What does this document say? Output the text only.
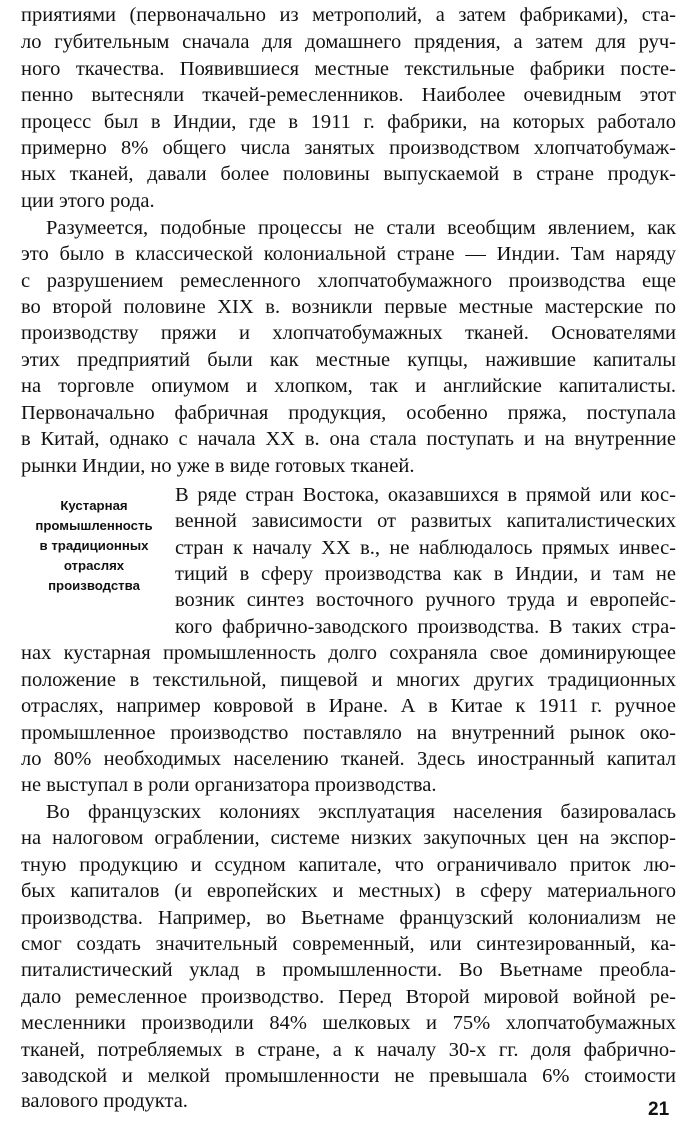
приятиями (первоначально из метрополий, а затем фабриками), ста-
ло губительным сначала для домашнего прядения, а затем для руч-
ного ткачества. Появившиеся местные текстильные фабрики посте-
пенно вытесняли ткачей-ремесленников. Наиболее очевидным этот
процесс был в Индии, где в 1911 г. фабрики, на которых работало
примерно 8% общего числа занятых производством хлопчатобумаж-
ных тканей, давали более половины выпускаемой в стране продук-
ции этого рода.
Разумеется, подобные процессы не стали всеобщим явлением, как
это было в классической колониальной стране — Индии. Там наряду
с разрушением ремесленного хлопчатобумажного производства еще
во второй половине XIX в. возникли первые местные мастерские по
производству пряжи и хлопчатобумажных тканей. Основателями
этих предприятий были как местные купцы, нажившие капиталы
на торговле опиумом и хлопком, так и английские капиталисты.
Первоначально фабричная продукция, особенно пряжа, поступала
в Китай, однако с начала XX в. она стала поступать и на внутренние
рынки Индии, но уже в виде готовых тканей.
Кустарная
промышленность
в традиционных
отраслях
производства
В ряде стран Востока, оказавшихся в прямой или кос-
венной зависимости от развитых капиталистических
стран к началу XX в., не наблюдалось прямых инвес-
тиций в сферу производства как в Индии, и там не
возник синтез восточного ручного труда и европейс-
кого фабрично-заводского производства. В таких стра-
нах кустарная промышленность долго сохраняла свое доминирующее
положение в текстильной, пищевой и многих других традиционных
отраслях, например ковровой в Иране. А в Китае к 1911 г. ручное
промышленное производство поставляло на внутренний рынок око-
ло 80% необходимых населению тканей. Здесь иностранный капитал
не выступал в роли организатора производства.
Во французских колониях эксплуатация населения базировалась
на налоговом ограблении, системе низких закупочных цен на экспор-
тную продукцию и ссудном капитале, что ограничивало приток лю-
бых капиталов (и европейских и местных) в сферу материального
производства. Например, во Вьетнаме французский колониализм не
смог создать значительный современный, или синтезированный, ка-
питалистический уклад в промышленности. Во Вьетнаме преобла-
дало ремесленное производство. Перед Второй мировой войной ре-
месленники производили 84% шелковых и 75% хлопчатобумажных
тканей, потребляемых в стране, а к началу 30-х гг. доля фабрично-
заводской и мелкой промышленности не превышала 6% стоимости
валового продукта.	21
